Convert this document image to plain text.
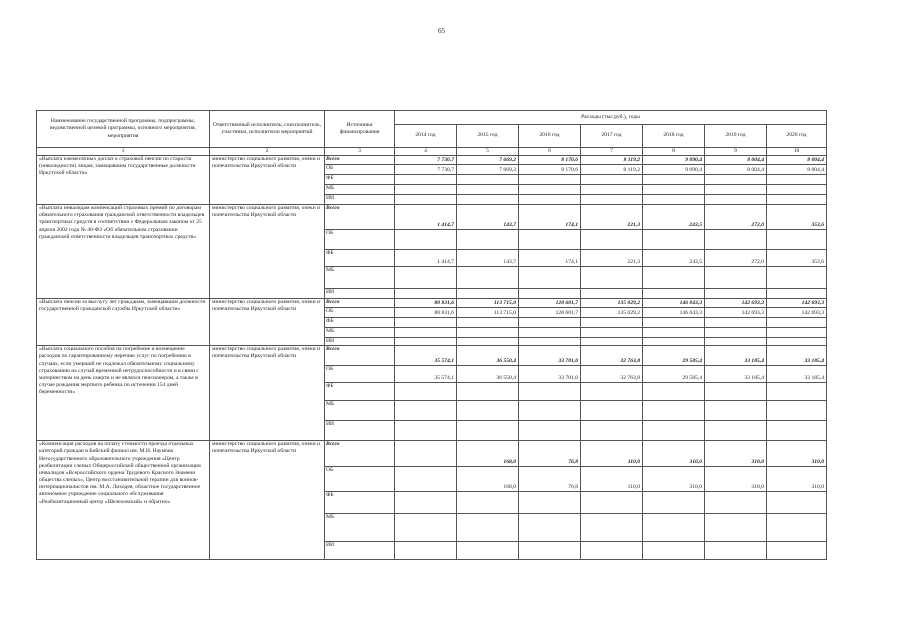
65
Наименование государственной программы, подпрограммы, ведомственной целевой программы, основного мероприятия, мероприятия	Ответственный исполнитель, соисполнитель, участники, исполнители мероприятий	Источники финансирования	Расходы (тыс.руб.), годы						
			2014 год	2015 год	2016 год	2017 год	2018 год	2019 год	2020 год
1	2	3	4	5	6	7	8	9	10
«Выплата ежемесячных доплат к страховой пенсии по старости (инвалидности) лицам, замещавшим государственные должности Иркутской области»	министерство социального развития, опеки и попечительства Иркутской области	Всего	7 730,7	7 669,2	8 170,6	8 119,2	9 090,4	8 004,4	8 004,4
		ОБ	7 730,7	7 669,2	8 170,6	8 119,2	9 090,4	8 004,4	8 004,4
		ФБ							
		МБ							
		ИИ							
«Выплата инвалидам компенсаций страховых премий по договорам обязательного страхования гражданской ответственности владельцев транспортных средств в соответствии с Федеральным законом от 25 апреля 2002 года № 40-ФЗ «Об обязательном страховании гражданской ответственности владельцев транспортных средств»	министерство социального развития, опеки и попечительства Иркутской области	Всего	1 414,7	143,7	174,1	221,3	243,5	272,0	353,6
		ОБ							
		ФБ	1 414,7	143,7	174,1	221,3	243,5	272,0	353,6
		МБ							
		ИИ							
«Выплата пенсии за выслугу лет гражданам, замещавшим должности государственной гражданской службы Иркутской области»	министерство социального развития, опеки и попечительства Иркутской области	Всего	80 831,6	113 715,0	128 601,7	135 029,2	146 043,3	142 693,3	142 693,3
		ОБ	80 831,6	113 715,0	128 601,7	135 029,2	146 043,3	142 693,3	142 693,3
		ФБ							
		МБ							
		ИИ							
«Выплата социального пособия на погребение и возмещение расходов по гарантированному перечню услуг по погребению в случаях, если умерший не подлежал обязательному социальному страхованию на случай временной нетрудоспособности и в связи с материнством на день смерти и не являлся пенсионером, а также в случае рождения мертвого ребенка по истечении 154 дней беременности»	министерство социального развития, опеки и попечительства Иркутской области	Всего	35 574,1	36 550,4	33 701,0	32 763,8	29 585,4	33 185,4	33 185,4
		ОБ	35 574,1	36 550,4	33 701,0	32 763,8	29 585,4	33 185,4	33 185,4
		ФБ							
		МБ							
		ИИ							
«Компенсация расходов на оплату стоимости проезда отдельных категорий граждан в Бийский филиал им. М.Н. Наумова Негосударственного образовательного учреждения «Центр реабилитации слепых Общероссийской общественной организации инвалидов «Всероссийского ордена Трудового Красного Знамени общества слепых», Центр восстановительной терапии для воинов-интернационалистов им. М.А. Лиходея, областное государственное автономное учреждение социального обслуживания «Реабилитационный центр «Шелеховский» и обратно»	министерство социального развития, опеки и попечительства Иркутской области	Всего		168,0	76,8	110,0	310,0	310,0	310,0
		ОБ		168,0	76,8	110,0	310,0	310,0	310,0
		ФБ							
		МБ							
		ИИ							
